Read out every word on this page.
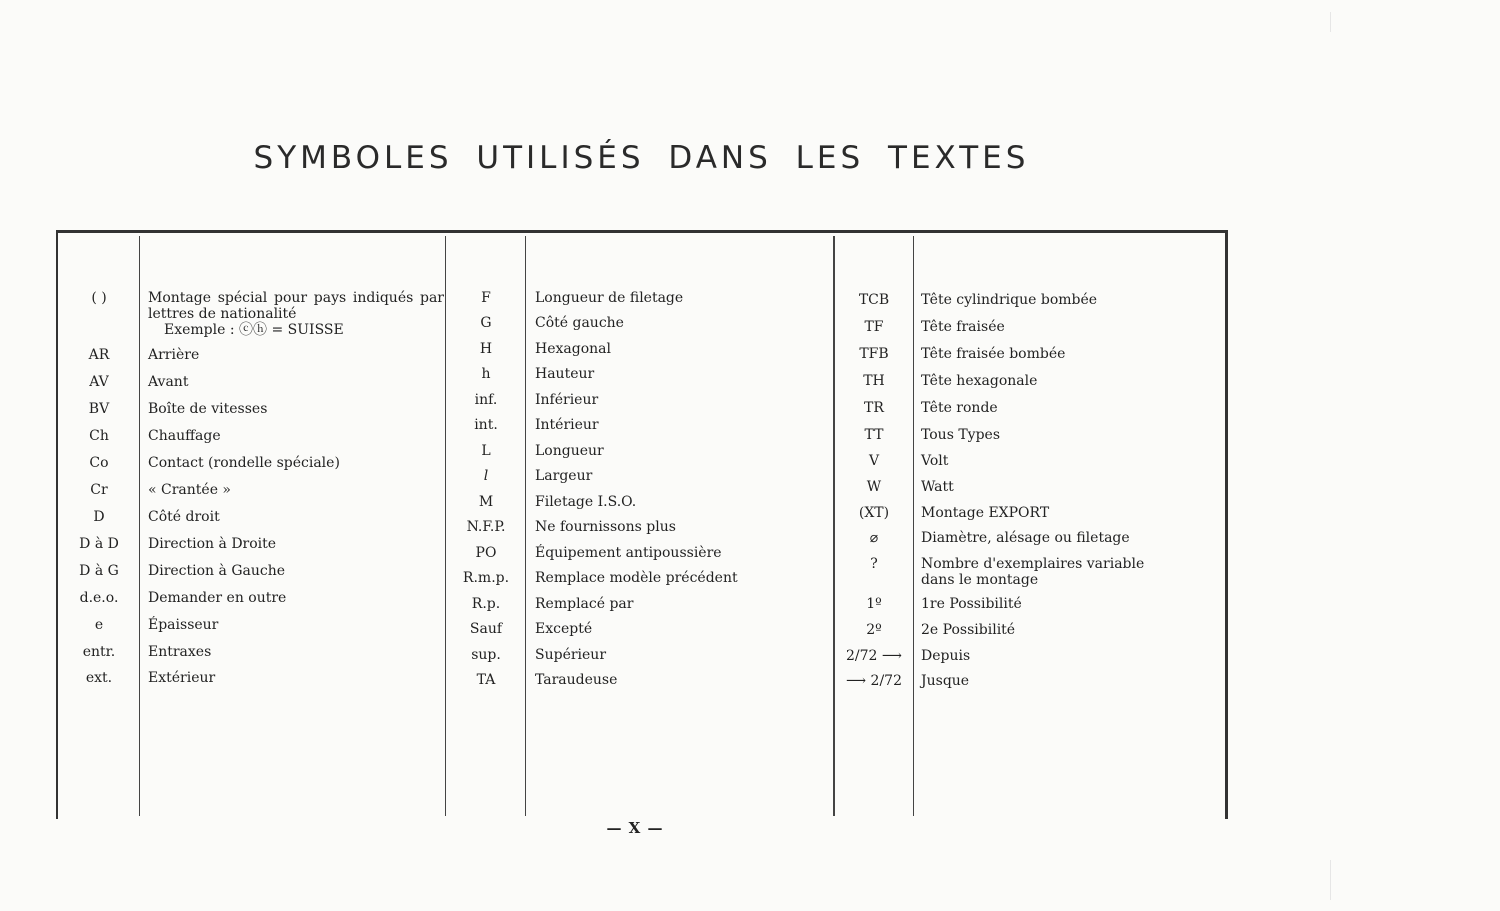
SYMBOLES UTILISÉS DANS LES TEXTES
( )	Montage spécial pour pays indiqués par lettres de nationalité
Exemple : ⓒⓗ = SUISSE
AR	Arrière
AV	Avant
BV	Boîte de vitesses
Ch	Chauffage
Co	Contact (rondelle spéciale)
Cr	« Crantée »
D	Côté droit
D à D	Direction à Droite
D à G	Direction à Gauche
d.e.o.	Demander en outre
e	Épaisseur
entr.	Entraxes
ext.	Extérieur
F	Longueur de filetage
G	Côté gauche
H	Hexagonal
h	Hauteur
inf.	Inférieur
int.	Intérieur
L	Longueur
l	Largeur
M	Filetage I.S.O.
N.F.P.	Ne fournissons plus
PO	Équipement antipoussière
R.m.p.	Remplace modèle précédent
R.p.	Remplacé par
Sauf	Excepté
sup.	Supérieur
TA	Taraudeuse
TCB	Tête cylindrique bombée
TF	Tête fraisée
TFB	Tête fraisée bombée
TH	Tête hexagonale
TR	Tête ronde
TT	Tous Types
V	Volt
W	Watt
(XT)	Montage EXPORT
⌀	Diamètre, alésage ou filetage
?	Nombre d'exemplaires variable dans le montage
1º	1re Possibilité
2º	2e Possibilité
2/72 ⟶	Depuis
⟶ 2/72	Jusque
— X —
